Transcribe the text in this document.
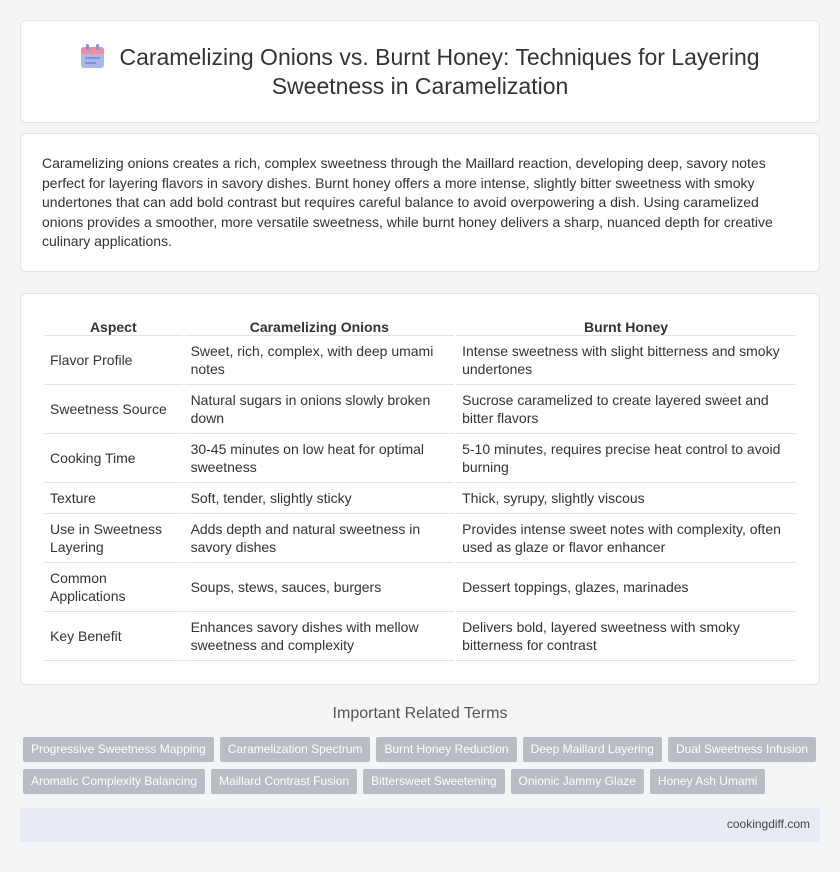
Caramelizing Onions vs. Burnt Honey: Techniques for Layering Sweetness in Caramelization

Caramelizing onions creates a rich, complex sweetness through the Maillard reaction, developing deep, savory notes perfect for layering flavors in savory dishes. Burnt honey offers a more intense, slightly bitter sweetness with smoky undertones that can add bold contrast but requires careful balance to avoid overpowering a dish. Using caramelized onions provides a smoother, more versatile sweetness, while burnt honey delivers a sharp, nuanced depth for creative culinary applications.

Aspect	Caramelizing Onions	Burnt Honey
Flavor Profile	Sweet, rich, complex, with deep umami notes	Intense sweetness with slight bitterness and smoky undertones
Sweetness Source	Natural sugars in onions slowly broken down	Sucrose caramelized to create layered sweet and bitter flavors
Cooking Time	30-45 minutes on low heat for optimal sweetness	5-10 minutes, requires precise heat control to avoid burning
Texture	Soft, tender, slightly sticky	Thick, syrupy, slightly viscous
Use in Sweetness Layering	Adds depth and natural sweetness in savory dishes	Provides intense sweet notes with complexity, often used as glaze or flavor enhancer
Common Applications	Soups, stews, sauces, burgers	Dessert toppings, glazes, marinades
Key Benefit	Enhances savory dishes with mellow sweetness and complexity	Delivers bold, layered sweetness with smoky bitterness for contrast
Important Related Terms
Progressive Sweetness Mapping Caramelization Spectrum Burnt Honey Reduction Deep Maillard Layering Dual Sweetness Infusion
Aromatic Complexity Balancing Maillard Contrast Fusion Bittersweet Sweetening Onionic Jammy Glaze Honey Ash Umami
cookingdiff.com
